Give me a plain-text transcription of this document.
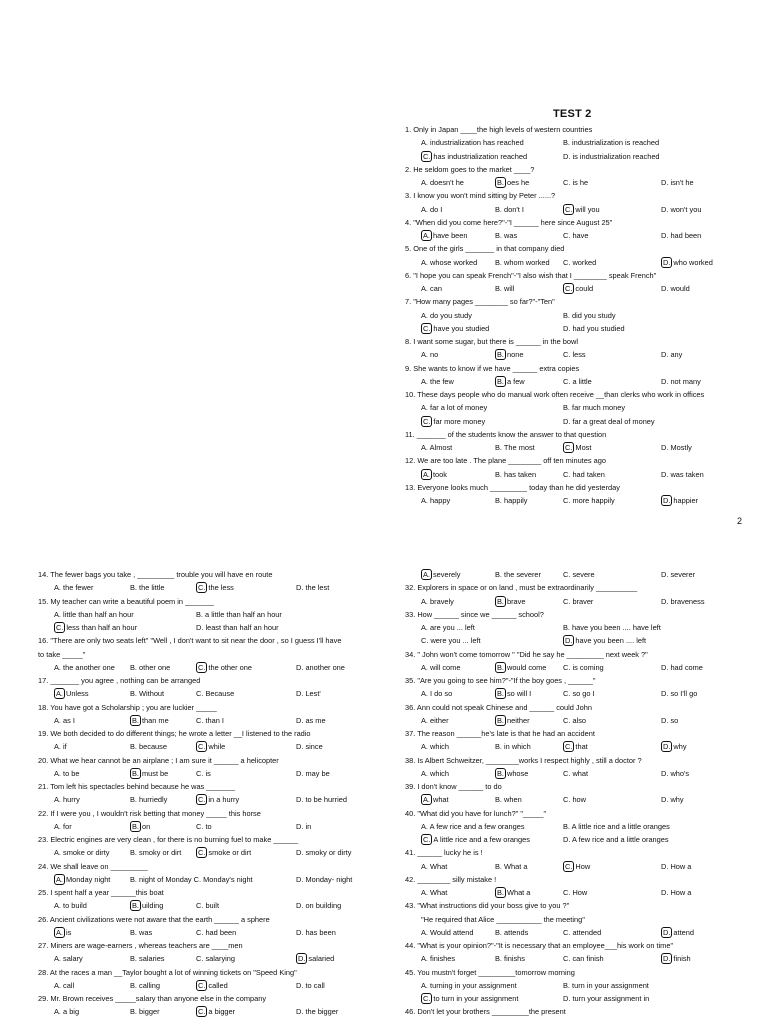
TEST 2
2
1. Only in Japan ____the high levels of western countries
A. industrialization has reached	B. industrialization is reached
C. has industrialization reached	D. is industrialization reached
2. He seldom goes to the market ____?
A. doesn't he	B. oes he	C. is he	D. isn't he
3. I know you won't mind sitting by Peter ......?
A. do I	B. don't I	C. will you	D. won't you
4. "When did you come here?"-"I ______ here since August 25"
A. have been	B. was	C. have	D. had been
5. One of the girls _______ in that company died
A. whose worked B. whom worked C. worked	D. who worked
6. "I hope you can speak French"-"I also wish that I ________ speak French"
A. can	B. will	C. could	D. would
7. "How many pages ________ so far?"-"Ten"
A. do you study	B. did you study
C. have you studied	D. had you studied
8. I want some sugar, but there is ______ in the bowl
A. no	B. none	C. less	D. any
9. She wants to know if we have ______ extra copies
A. the few	B. a few	C. a little	D. not many
10. These days people who do manual work often receive __than clerks who work in offices
A. far a lot of money	B. far much money
C. far more money	D. far a great deal of money
11. _______ of the students know the answer to that question
A. Almost	B. The most	C. Most	D. Mostly
12. We are too late . The plane ________ off ten minutes ago
A. took	B. has taken	C. had taken	D. was taken
13. Everyone looks much _________ today than he did yesterday
A. happy	B. happily	C. more happily	D. happier
14. The fewer bags you take , _________ trouble you will have en route
A. the fewer	B. the little	C. the less	D. the lest
15. My teacher can write a beautiful poem in _______
A. little than half an hour	B. a little than half an hour
C. less than half an hour	D. least than half an hour
16. "There are only two seats left" "Well , I don't want to sit near the door , so I guess I'll have
to take _____"
A. the another one B. other one	C. the other one	D. another one
17. _______ you agree , nothing can be arranged
A. Unless	B. Without	C. Because	D. Lest'
18. You have got a Scholarship ; you are luckier _____
A. as I	B. than me	C. than I	D. as me
19. We both decided to do different things; he wrote a letter __I listened to the radio
A. if	B. because	C. while	D. since
20. What we hear cannot be an airplane ; I am sure it ______ a helicopter
A. to be	B. must be	C. is	D. may be
21. Tom left his spectacles behind because he was _______
A. hurry	B. hurriedly	C. in a hurry	D. to be hurried
22. If I were you , I wouldn't risk betting that money _____ this horse
A. for	B. on	C. to	D. in
23. Electric engines are very clean , for there is no burning fuel to make ______
A. smoke or dirty	B. smoky or dirt C. smoke or dirt	D. smoky or dirty
24. We shall leave on _________
A. Monday night	B. night of Monday C. Monday's night	D. Monday- night
25. I spent half a year ______this boat
A. to build	B. uilding	C. built	D. on building
26. Ancient civilizations were not aware that the earth ______ a sphere
A. is	B. was	C. had been	D. has been
27. Miners are wage-earners , whereas teachers are ____men
A. salary	B. salaries	C. salarying	D. salaried
28. At the races a man __Taylor bought a lot of winning tickets on "Speed King"
A. call	B. calling	C. called	D. to call
29. Mr. Brown receives _____salary than anyone else in the company
A. a big	B. bigger	C. a bigger	D. the bigger
A. severely	B. the severer	C. severe	D. severer
32. Explorers in space or on land , must be extraordinarily __________
A. bravely	B. brave	C. braver	D. braveness
33. How ______ since we ______ school?
A. are you ... left	B. have you been .... have left
C. were you ... left	D. have you been .... left
34. " John won't come tomorrow " "Did he say he _________ next week ?"
A. will come	B. would come C. is coming	D. had come
35. "Are you going to see him?"-"If the boy goes , ______"
A. I do so	B. so will I	C. so go I	D. so I'll go
36. Ann could not speak Chinese and ______ could John
A. either	B. neither	C. also	D. so
37. The reason ______he's late is that he had an accident
A. which	B. in which	C. that	D. why
38. Is Albert Schweitzer, ________works I respect highly , still a doctor ?
A. which	B. whose	C. what	D. who's
39. I don't know ______ to do
A. what	B. when	C. how	D. why
40. "What did you have for lunch?" "_____"
A. A few rice and a few oranges	B. A little rice and a little oranges
C. A little rice and a few oranges	D. A few rice and a little oranges
41. ______ lucky he is !
A. What	B. What a	C. How	D. How a
42. ________ silly mistake !
A. What	B. What a	C. How	D. How a
43. "What instructions did your boss give to you ?"
"He required that Alice ___________ the meeting"
A. Would attend	B. attends	C. attended	D. attend
44. "What is your opinion?"-"It is necessary that an employee___his work on time"
A. finishes	B. finishs	C. can finish	D. finish
45. You mustn't forget _________tomorrow morning
A. turning in your assignment	B. turn in your assignment
C. to turn in your assignment	D. turn your assignment in
46. Don't let your brothers _________the present
